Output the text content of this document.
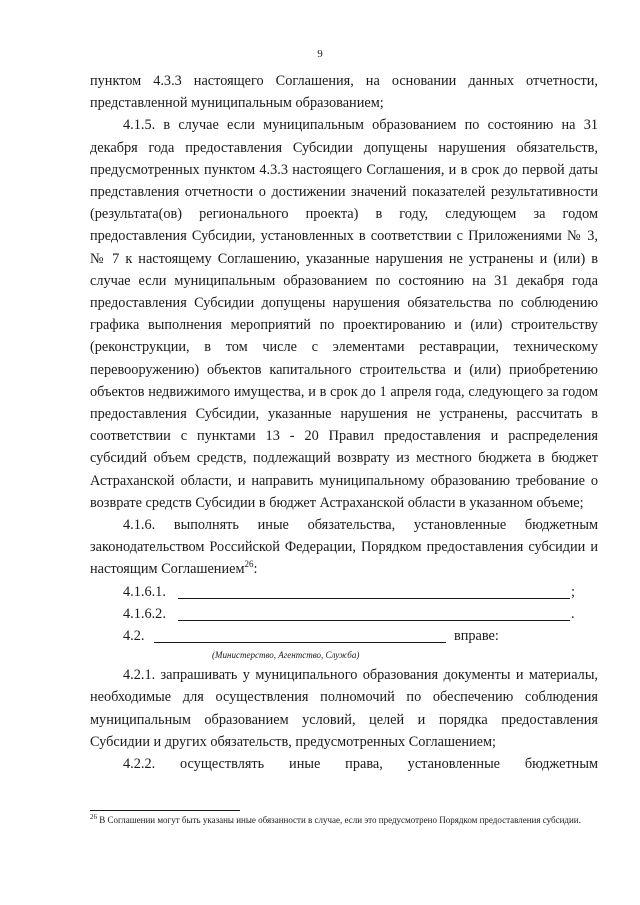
9

пунктом 4.3.3 настоящего Соглашения, на основании данных отчетности, представленной муниципальным образованием;

4.1.5. в случае если муниципальным образованием по состоянию на 31 декабря года предоставления Субсидии допущены нарушения обязательств, предусмотренных пунктом 4.3.3 настоящего Соглашения, и в срок до первой даты представления отчетности о достижении значений показателей результативности (результата(ов) регионального проекта) в году, следующем за годом предоставления Субсидии, установленных в соответствии с Приложениями № 3, № 7 к настоящему Соглашению, указанные нарушения не устранены и (или) в случае если муниципальным образованием по состоянию на 31 декабря года предоставления Субсидии допущены нарушения обязательства по соблюдению графика выполнения мероприятий по проектированию и (или) строительству (реконструкции, в том числе с элементами реставрации, техническому перевооружению) объектов капитального строительства и (или) приобретению объектов недвижимого имущества, и в срок до 1 апреля года, следующего за годом предоставления Субсидии, указанные нарушения не устранены, рассчитать в соответствии с пунктами 13 - 20 Правил предоставления и распределения субсидий объем средств, подлежащий возврату из местного бюджета в бюджет Астраханской области, и направить муниципальному образованию требование о возврате средств Субсидии в бюджет Астраханской области в указанном объеме;

4.1.6. выполнять иные обязательства, установленные бюджетным законодательством Российской Федерации, Порядком предоставления субсидии и настоящим Соглашением$^{26}$:

4.1.6.1.	;
4.1.6.2.	.
4.2.	вправе:
(Министерство, Агентство, Служба)

4.2.1. запрашивать у муниципального образования документы и материалы, необходимые для осуществления полномочий по обеспечению соблюдения муниципальным образованием условий, целей и порядка предоставления Субсидии и других обязательств, предусмотренных Соглашением;

4.2.2. осуществлять иные права, установленные бюджетным

$^{26}$ В Соглашении могут быть указаны иные обязанности в случае, если это предусмотрено Порядком предоставления субсидии.
